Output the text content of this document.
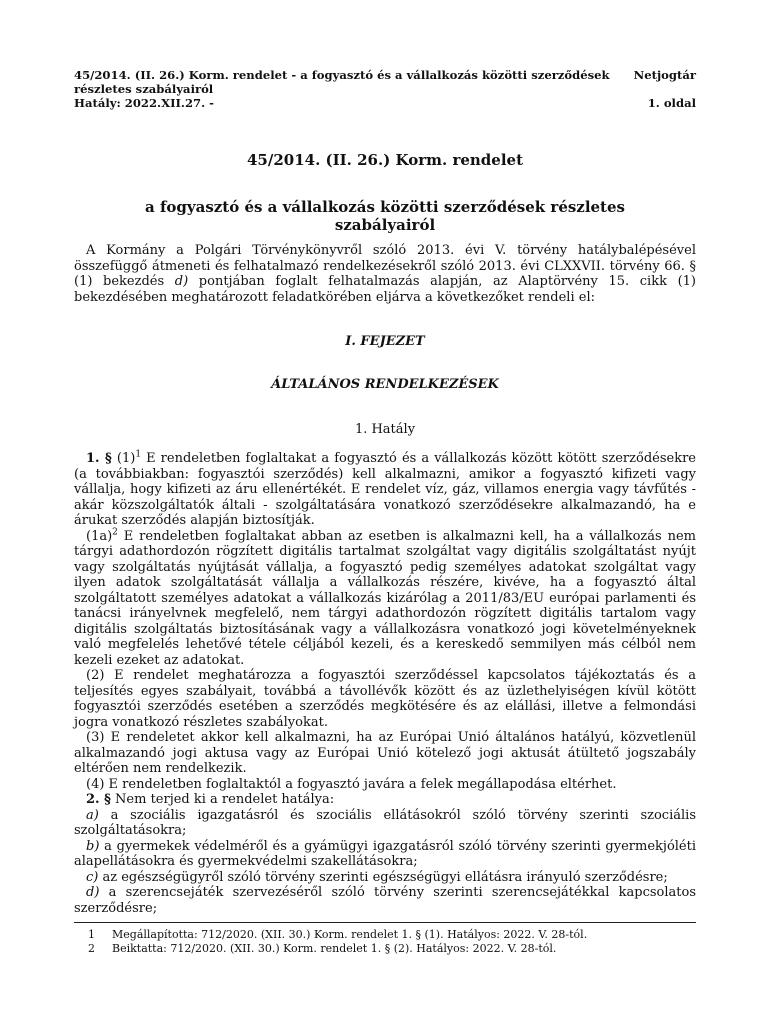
45/2014. (II. 26.) Korm. rendelet - a fogyasztó és a vállalkozás közötti szerződések részletes szabályairól
Hatály: 2022.XII.27. -
Netjogtár
1. oldal
45/2014. (II. 26.) Korm. rendelet
a fogyasztó és a vállalkozás közötti szerződések részletes szabályairól

A Kormány a Polgári Törvénykönyvről szóló 2013. évi V. törvény hatálybalépésével összefüggő átmeneti és felhatalmazó rendelkezésekről szóló 2013. évi CLXXVII. törvény 66. § (1) bekezdés d) pontjában foglalt felhatalmazás alapján, az Alaptörvény 15. cikk (1) bekezdésében meghatározott feladatkörében eljárva a következőket rendeli el:

I. FEJEZET
ÁLTALÁNOS RENDELKEZÉSEK
1. Hatály

1. § $(1)^1$ E rendeletben foglaltakat a fogyasztó és a vállalkozás között kötött szerződésekre (a továbbiakban: fogyasztói szerződés) kell alkalmazni, amikor a fogyasztó kifizeti vagy vállalja, hogy kifizeti az áru ellenértékét. E rendelet víz, gáz, villamos energia vagy távfűtés - akár közszolgáltatók általi - szolgáltatására vonatkozó szerződésekre alkalmazandó, ha e árukat szerződés alapján biztosítják.

$(1a)^2$ E rendeletben foglaltakat abban az esetben is alkalmazni kell, ha a vállalkozás nem tárgyi adathordozón rögzített digitális tartalmat szolgáltat vagy digitális szolgáltatást nyújt vagy szolgáltatás nyújtását vállalja, a fogyasztó pedig személyes adatokat szolgáltat vagy ilyen adatok szolgáltatását vállalja a vállalkozás részére, kivéve, ha a fogyasztó által szolgáltatott személyes adatokat a vállalkozás kizárólag a 2011/83/EU európai parlamenti és tanácsi irányelvnek megfelelő, nem tárgyi adathordozón rögzített digitális tartalom vagy digitális szolgáltatás biztosításának vagy a vállalkozásra vonatkozó jogi követelményeknek való megfelelés lehetővé tétele céljából kezeli, és a kereskedő semmilyen más célból nem kezeli ezeket az adatokat.

(2) E rendelet meghatározza a fogyasztói szerződéssel kapcsolatos tájékoztatás és a teljesítés egyes szabályait, továbbá a távollévők között és az üzlethelyiségen kívül kötött fogyasztói szerződés esetében a szerződés megkötésére és az elállási, illetve a felmondási jogra vonatkozó részletes szabályokat.

(3) E rendeletet akkor kell alkalmazni, ha az Európai Unió általános hatályú, közvetlenül alkalmazandó jogi aktusa vagy az Európai Unió kötelező jogi aktusát átültető jogszabály eltérően nem rendelkezik.

(4) E rendeletben foglaltaktól a fogyasztó javára a felek megállapodása eltérhet.

2. § Nem terjed ki a rendelet hatálya:

a) a szociális igazgatásról és szociális ellátásokról szóló törvény szerinti szociális szolgáltatásokra;

b) a gyermekek védelméről és a gyámügyi igazgatásról szóló törvény szerinti gyermekjóléti alapellátásokra és gyermekvédelmi szakellátásokra;

c) az egészségügyről szóló törvény szerinti egészségügyi ellátásra irányuló szerződésre;

d) a szerencsejáték szervezéséről szóló törvény szerinti szerencsejátékkal kapcsolatos szerződésre;

1 Megállapította: 712/2020. (XII. 30.) Korm. rendelet 1. § (1). Hatályos: 2022. V. 28-tól.
2 Beiktatta: 712/2020. (XII. 30.) Korm. rendelet 1. § (2). Hatályos: 2022. V. 28-tól.
